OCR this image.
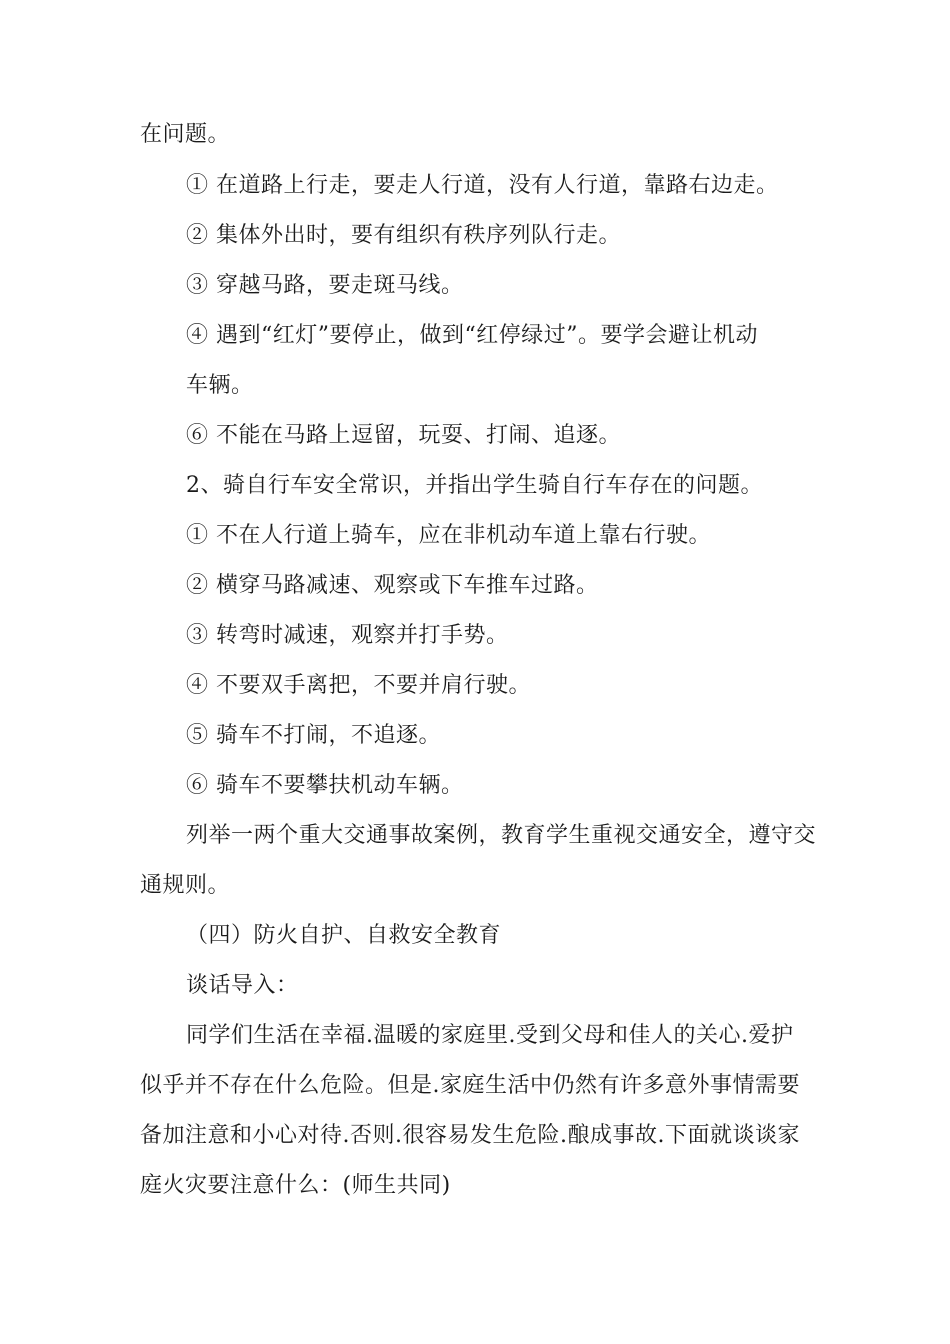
在问题。
① 在道路上行走，要走人行道，没有人行道，靠路右边走。
② 集体外出时，要有组织有秩序列队行走。
③ 穿越马路，要走斑马线。
④ 遇到“红灯”要停止，做到“红停绿过”。要学会避让机动
车辆。
⑥ 不能在马路上逗留，玩耍、打闹、追逐。
2、骑自行车安全常识，并指出学生骑自行车存在的问题。
① 不在人行道上骑车，应在非机动车道上靠右行驶。
② 横穿马路减速、观察或下车推车过路。
③ 转弯时减速，观察并打手势。
④ 不要双手离把，不要并肩行驶。
⑤ 骑车不打闹，不追逐。
⑥ 骑车不要攀扶机动车辆。
列举一两个重大交通事故案例，教育学生重视交通安全，遵守交
通规则。
（四）防火自护、自救安全教育
谈话导入：
同学们生活在幸福.温暖的家庭里.受到父母和佳人的关心.爱护
似乎并不存在什么危险。但是.家庭生活中仍然有许多意外事情需要
备加注意和小心对待.否则.很容易发生危险.酿成事故.下面就谈谈家
庭火灾要注意什么：(师生共同)
